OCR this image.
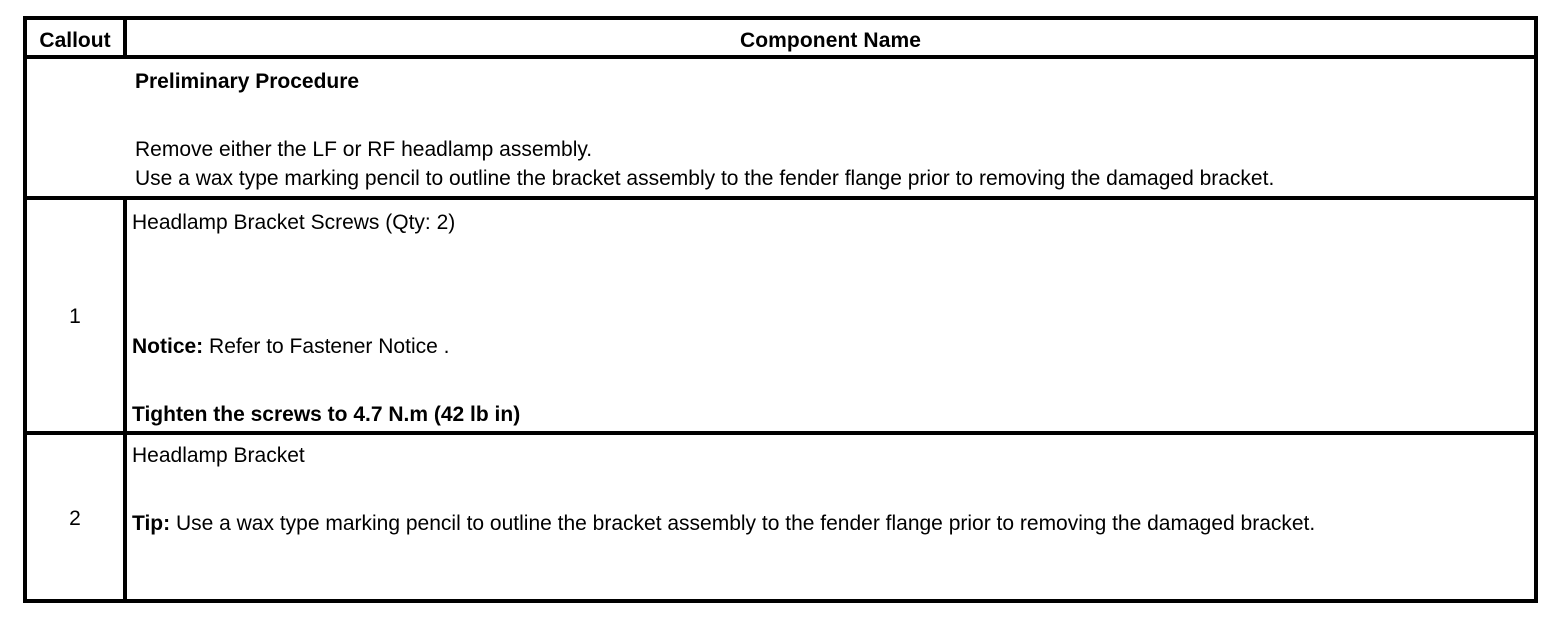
Callout	Component Name
Preliminary Procedure
Remove either the LF or RF headlamp assembly.
Use a wax type marking pencil to outline the bracket assembly to the fender flange prior to removing the damaged bracket.
1
Headlamp Bracket Screws (Qty: 2)
Notice: Refer to Fastener Notice .
Tighten the screws to 4.7 N.m (42 lb in)
2
Headlamp Bracket
Tip: Use a wax type marking pencil to outline the bracket assembly to the fender flange prior to removing the damaged bracket.
